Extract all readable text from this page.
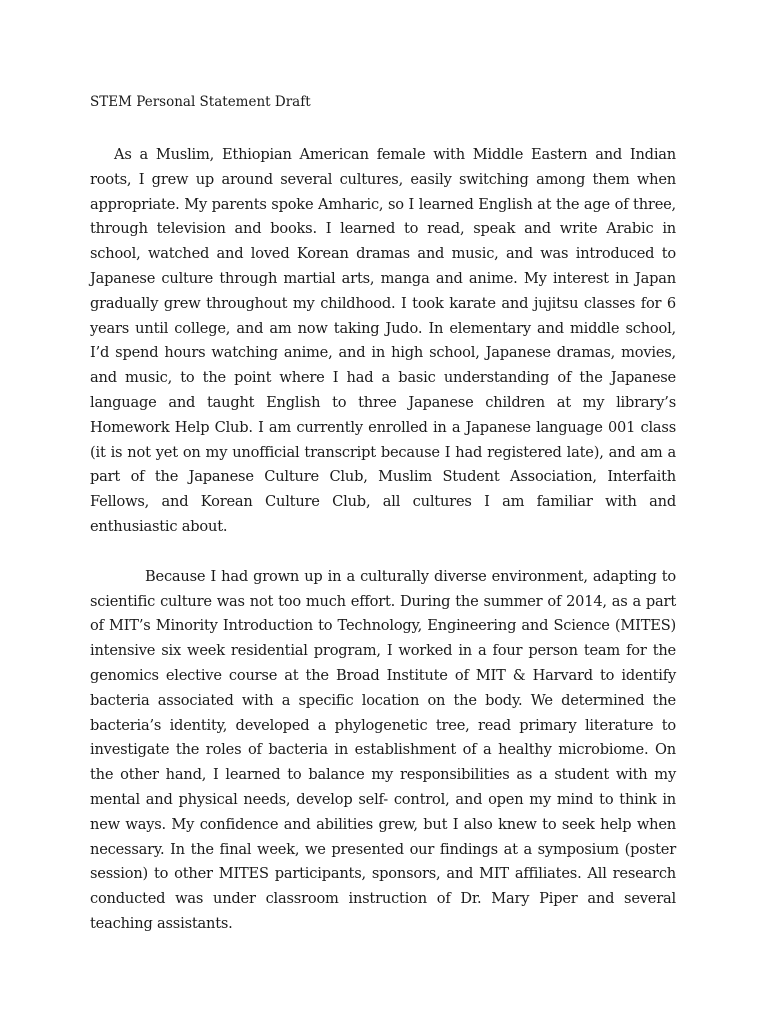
STEM Personal Statement Draft

As a Muslim, Ethiopian American female with Middle Eastern and Indian roots, I grew up around several cultures, easily switching among them when appropriate. My parents spoke Amharic, so I learned English at the age of three, through television and books. I learned to read, speak and write Arabic in school, watched and loved Korean dramas and music, and was introduced to Japanese culture through martial arts, manga and anime. My interest in Japan gradually grew throughout my childhood. I took karate and jujitsu classes for 6 years until college, and am now taking Judo. In elementary and middle school, I’d spend hours watching anime, and in high school, Japanese dramas, movies, and music, to the point where I had a basic understanding of the Japanese language and taught English to three Japanese children at my library’s Homework Help Club. I am currently enrolled in a Japanese language 001 class (it is not yet on my unofficial transcript because I had registered late), and am a part of the Japanese Culture Club, Muslim Student Association, Interfaith Fellows, and Korean Culture Club, all cultures I am familiar with and enthusiastic about.

Because I had grown up in a culturally diverse environment, adapting to scientific culture was not too much effort. During the summer of 2014, as a part of MIT’s Minority Introduction to Technology, Engineering and Science (MITES) intensive six week residential program, I worked in a four person team for the genomics elective course at the Broad Institute of MIT & Harvard to identify bacteria associated with a specific location on the body. We determined the bacteria’s identity, developed a phylogenetic tree, read primary literature to investigate the roles of bacteria in establishment of a healthy microbiome. On the other hand, I learned to balance my responsibilities as a student with my mental and physical needs, develop self- control, and open my mind to think in new ways. My confidence and abilities grew, but I also knew to seek help when necessary. In the final week, we presented our findings at a symposium (poster session) to other MITES participants, sponsors, and MIT affiliates. All research conducted was under classroom instruction of Dr. Mary Piper and several teaching assistants.
